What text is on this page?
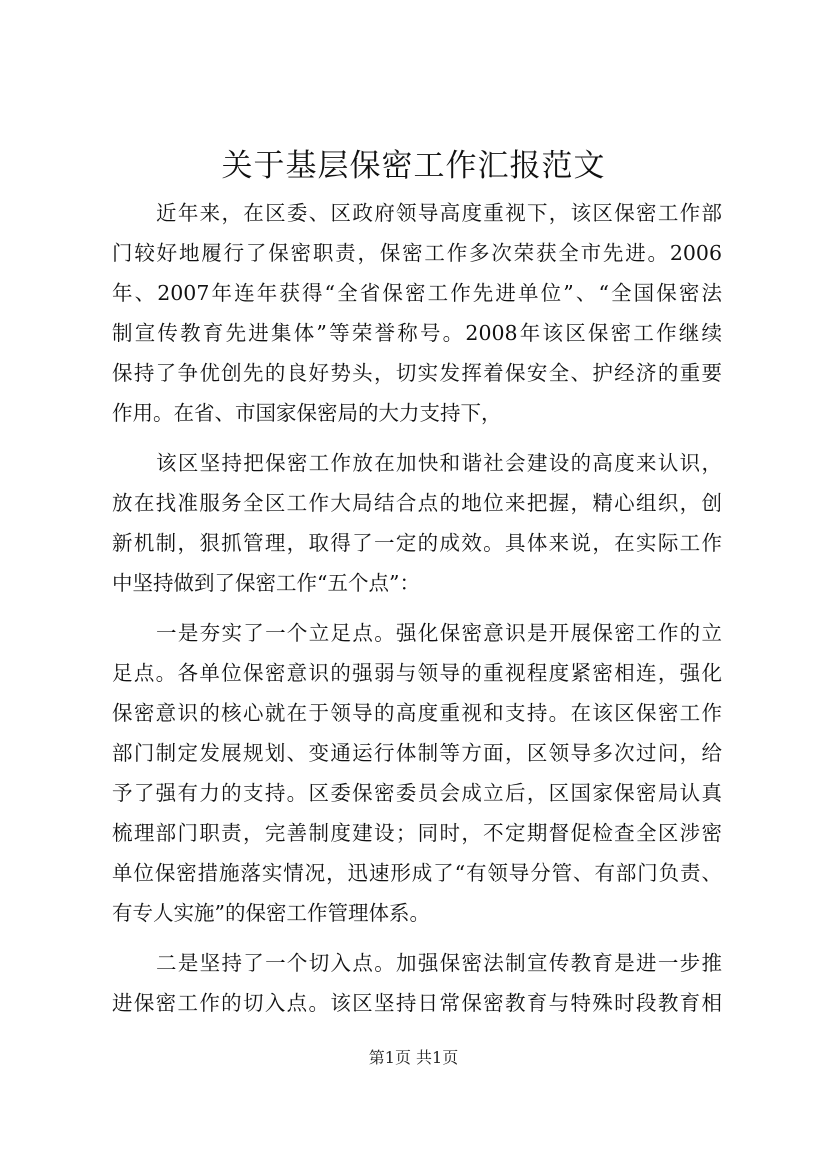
关于基层保密工作汇报范文
近年来，在区委、区政府领导高度重视下，该区保密工作部
门较好地履行了保密职责，保密工作多次荣获全市先进。2006
年、2007年连年获得“全省保密工作先进单位”、“全国保密法
制宣传教育先进集体”等荣誉称号。2008年该区保密工作继续
保持了争优创先的良好势头，切实发挥着保安全、护经济的重要
作用。在省、市国家保密局的大力支持下，
该区坚持把保密工作放在加快和谐社会建设的高度来认识，
放在找准服务全区工作大局结合点的地位来把握，精心组织，创
新机制，狠抓管理，取得了一定的成效。具体来说，在实际工作
中坚持做到了保密工作“五个点”：
一是夯实了一个立足点。强化保密意识是开展保密工作的立
足点。各单位保密意识的强弱与领导的重视程度紧密相连，强化
保密意识的核心就在于领导的高度重视和支持。在该区保密工作
部门制定发展规划、变通运行体制等方面，区领导多次过问，给
予了强有力的支持。区委保密委员会成立后，区国家保密局认真
梳理部门职责，完善制度建设；同时，不定期督促检查全区涉密
单位保密措施落实情况，迅速形成了“有领导分管、有部门负责、
有专人实施”的保密工作管理体系。
二是坚持了一个切入点。加强保密法制宣传教育是进一步推
进保密工作的切入点。该区坚持日常保密教育与特殊时段教育相
第1页 共1页
